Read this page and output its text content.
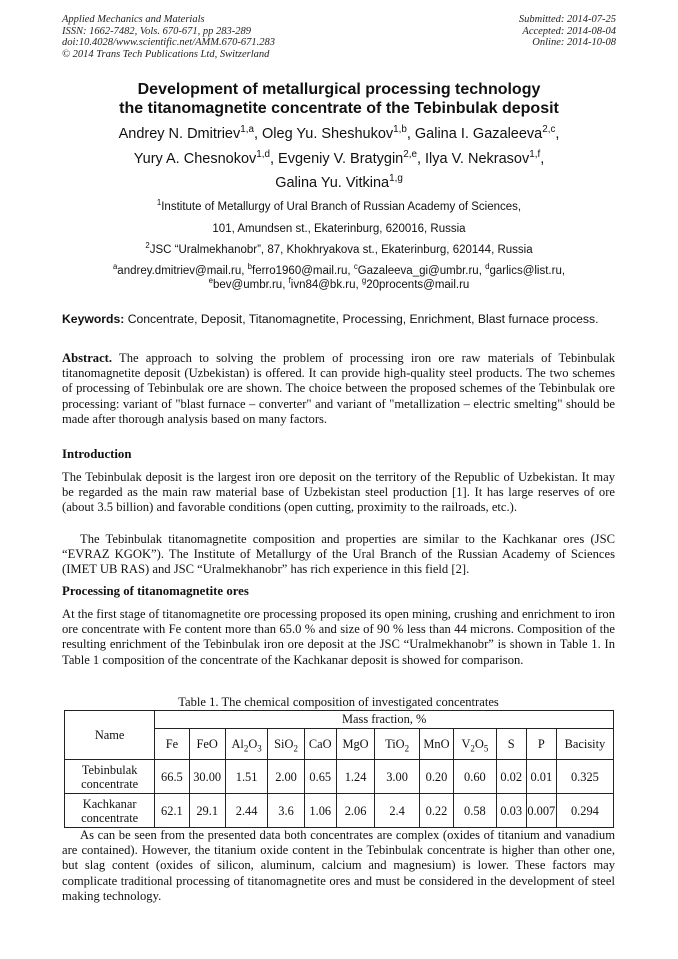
Applied Mechanics and Materials
ISSN: 1662-7482, Vols. 670-671, pp 283-289
doi:10.4028/www.scientific.net/AMM.670-671.283
© 2014 Trans Tech Publications Ltd, Switzerland
Submitted: 2014-07-25
Accepted: 2014-08-04
Online: 2014-10-08
Development of metallurgical processing technology
the titanomagnetite concentrate of the Tebinbulak deposit
Andrey N. Dmitriev$^{1,a}$, Oleg Yu. Sheshukov$^{1,b}$, Galina I. Gazaleeva$^{2,c}$,
Yury A. Chesnokov$^{1,d}$, Evgeniy V. Bratygin$^{2,e}$, Ilya V. Nekrasov$^{1,f}$,
Galina Yu. Vitkina$^{1,g}$
$^1$Institute of Metallurgy of Ural Branch of Russian Academy of Sciences,
101, Amundsen st., Ekaterinburg, 620016, Russia
$^2$JSC “Uralmekhanobr”, 87, Khokhryakova st., Ekaterinburg, 620144, Russia
$^a$andrey.dmitriev@mail.ru, $^b$ferro1960@mail.ru, $^c$Gazaleeva_gi@umbr.ru, $^d$garlics@list.ru,
$^e$bev@umbr.ru, $^f$ivn84@bk.ru, $^g$20procents@mail.ru
Keywords: Concentrate, Deposit, Titanomagnetite, Processing, Enrichment, Blast furnace process.
Abstract. The approach to solving the problem of processing iron ore raw materials of Tebinbulak titanomagnetite deposit (Uzbekistan) is offered. It can provide high-quality steel products. The two schemes of processing of Tebinbulak ore are shown. The choice between the proposed schemes of the Tebinbulak ore processing: variant of "blast furnace – converter" and variant of "metallization – electric smelting" should be made after thorough analysis based on many factors.
Introduction
The Tebinbulak deposit is the largest iron ore deposit on the territory of the Republic of Uzbekistan. It may be regarded as the main raw material base of Uzbekistan steel production [1]. It has large reserves of ore (about 3.5 billion) and favorable conditions (open cutting, proximity to the railroads, etc.).
The Tebinbulak titanomagnetite composition and properties are similar to the Kachkanar ores (JSC “EVRAZ KGOK”). The Institute of Metallurgy of the Ural Branch of the Russian Academy of Sciences (IMET UB RAS) and JSC “Uralmekhanobr” has rich experience in this field [2].
Processing of titanomagnetite ores
At the first stage of titanomagnetite ore processing proposed its open mining, crushing and enrichment to iron ore concentrate with Fe content more than 65.0 % and size of 90 % less than 44 microns. Composition of the resulting enrichment of the Tebinbulak iron ore deposit at the JSC “Uralmekhanobr” is shown in Table 1. In Table 1 composition of the concentrate of the Kachkanar deposit is showed for comparison.
Table 1. The chemical composition of investigated concentrates
Name	Mass fraction, %											
	Fe	FeO	$Al_2O_3$	SiO$_2$	CaO	MgO	TiO$_2$	MnO	$V_2O_5$	S	P	Bacisity

Tebinbulak
concentrate	66.5	30.00	1.51	2.00	0.65	1.24	3.00	0.20	0.60	0.02	0.01	0.325

Kachkanar
concentrate	62.1	29.1	2.44	3.6	1.06	2.06	2.4	0.22	0.58	0.03	0.007	0.294
As can be seen from the presented data both concentrates are complex (oxides of titanium and vanadium are contained). However, the titanium oxide content in the Tebinbulak concentrate is higher than other one, but slag content (oxides of silicon, aluminum, calcium and magnesium) is lower. These factors may complicate traditional processing of titanomagnetite ores and must be considered in the development of steel making technology.
